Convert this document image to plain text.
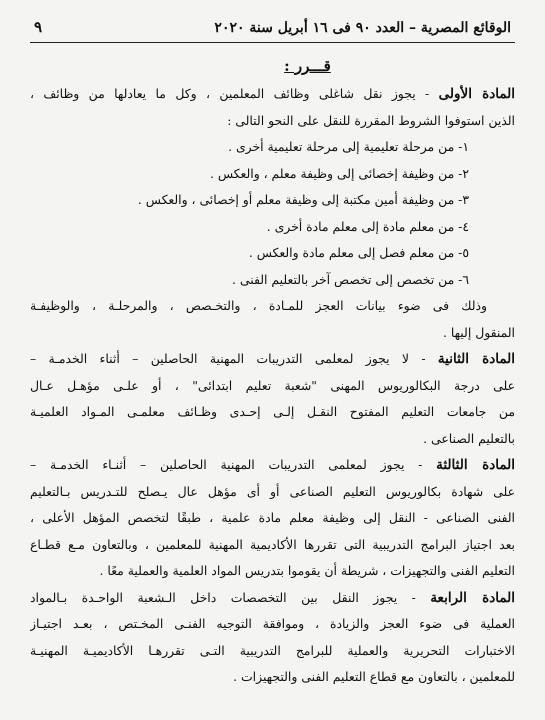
الوقائع المصرية – العدد ٩٠ فى ١٦ أبريل سنة ٢٠٢٠
٩
قـــرر :
المادة الأولى - يجوز نقل شاغلى وظائف المعلمين ، وكل ما يعادلها من وظائف ،
الذين استوفوا الشروط المقررة للنقل على النحو التالى :
١- من مرحلة تعليمية إلى مرحلة تعليمية أخرى .
٢- من وظيفة إخصائى إلى وظيفة معلم ، والعكس .
٣- من وظيفة أمين مكتبة إلى وظيفة معلم أو إخصائى ، والعكس .
٤- من معلم مادة إلى معلم مادة أخرى .
٥- من معلم فصل إلى معلم مادة والعكس .
٦- من تخصص إلى تخصص آخر بالتعليم الفنى .
وذلك فى ضوء بيانات العجز للمـادة ، والتخـصص ، والمرحلـة ، والوظيفـة
المنقول إليها .
المادة الثانية - لا يجوز لمعلمى التدريبات المهنية الحاصلين – أثناء الخدمـة –
على درجة البكالوريوس المهنى "شعبة تعليم ابتدائى" ، أو علـى مؤهـل عـال
من جامعات التعليم المفتوح النقـل إلـى إحـدى وظـائف معلمـى المـواد العلميـة
بالتعليم الصناعى .
المادة الثالثة - يجوز لمعلمى التدريبات المهنية الحاصلين – أثنـاء الخدمـة –
على شهادة بكالوريوس التعليم الصناعى أو أى مؤهل عال يـصلح للتـدريس بـالتعليم
الفنى الصناعى - النقل إلى وظيفة معلم مادة علمية ، طبقًا لتخصص المؤهل الأعلى ،
بعد اجتياز البرامج التدريبية التى تقررها الأكاديمية المهنية للمعلمين ، وبالتعاون مـع قطـاع
التعليم الفنى والتجهيزات ، شريطة أن يقوموا بتدريس المواد العلمية والعملية معًا .
المادة الرابعة - يجوز النقل بين التخصصات داخل الـشعبة الواحـدة بـالمواد
العملية فى ضوء العجز والزيادة ، وموافقة التوجيه الفنـى المخـتص ، بعـد اجتيـاز
الاختبارات التحريرية والعملية للبرامج التدريبية التـى تقررهـا الأكاديميـة المهنيـة
للمعلمين ، بالتعاون مع قطاع التعليم الفنى والتجهيزات .
